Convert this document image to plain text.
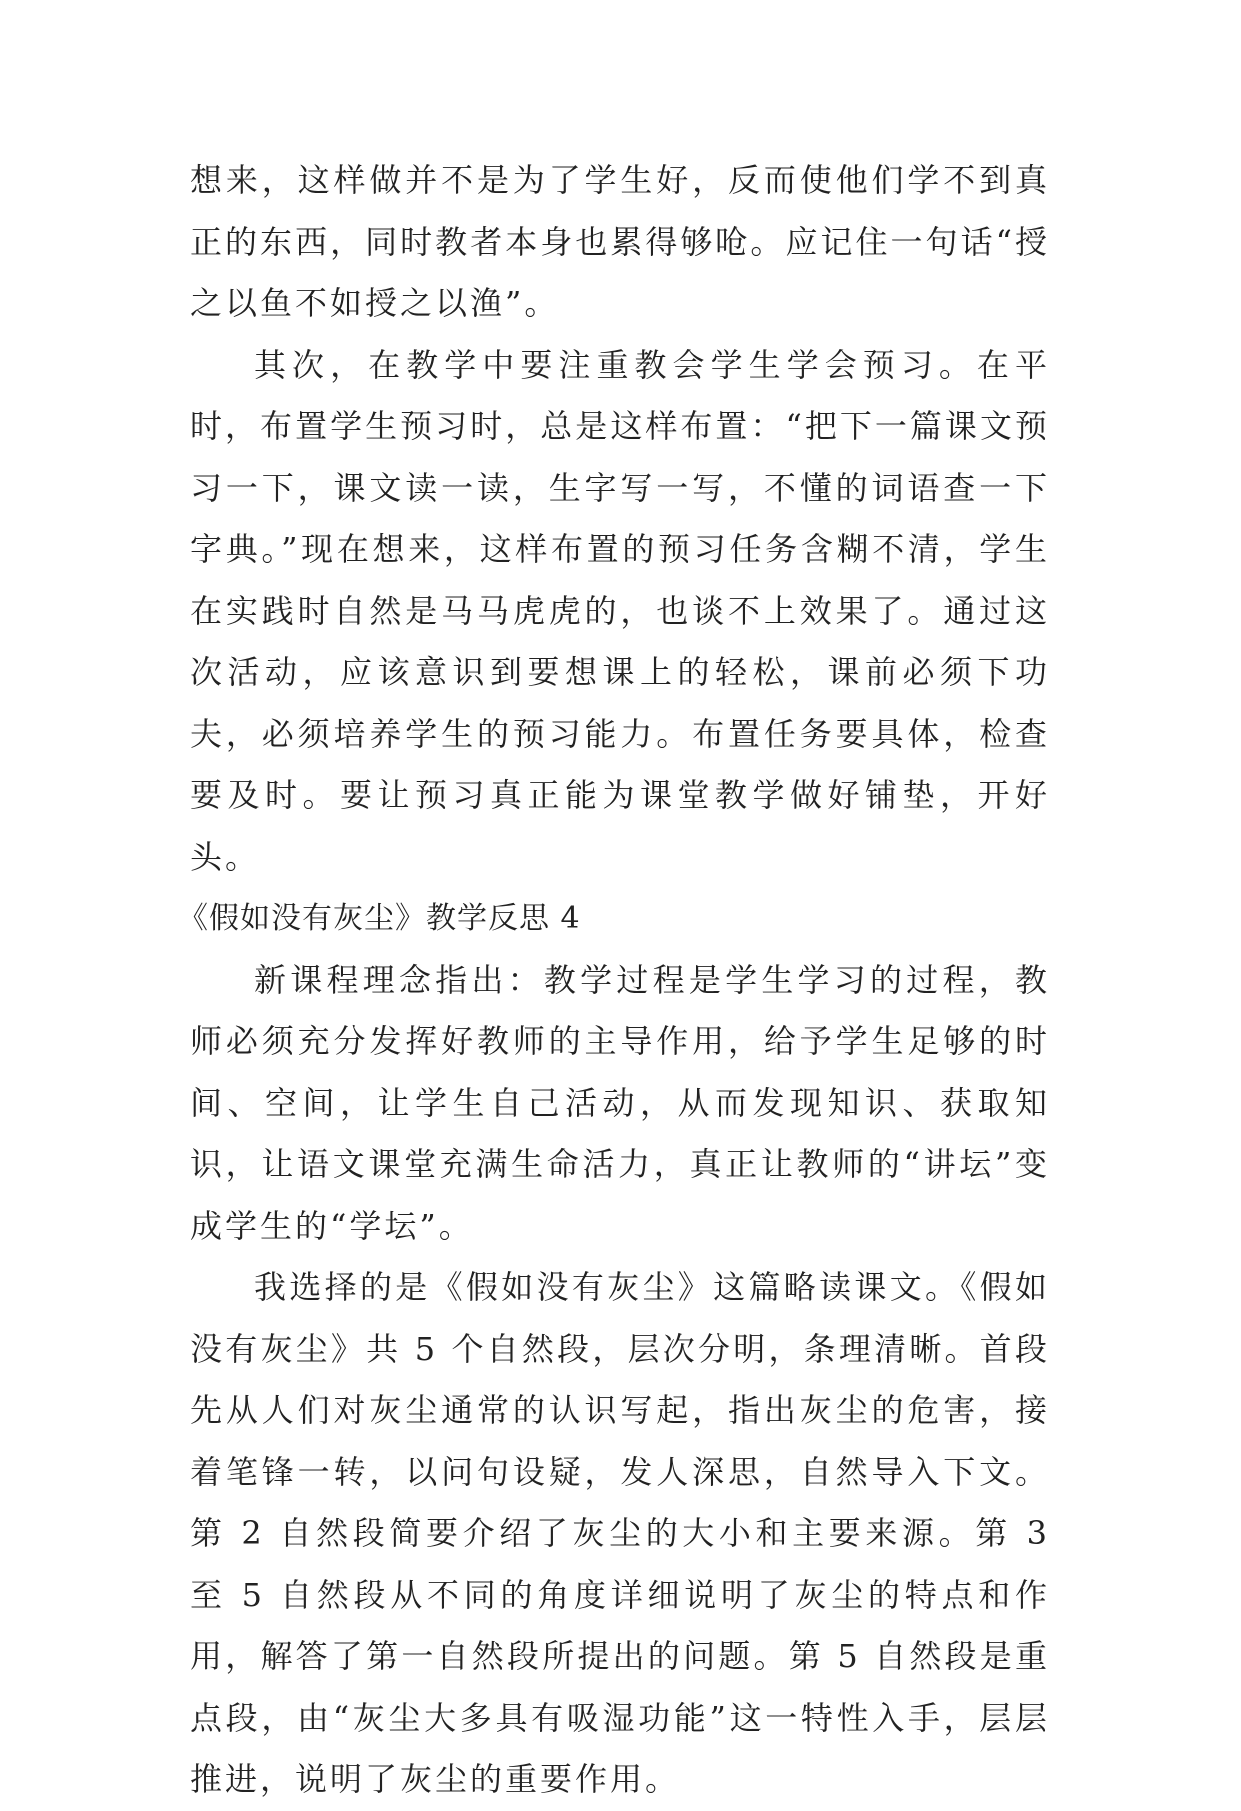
想来，这样做并不是为了学生好，反而使他们学不到真正的东西，同时教者本身也累得够呛。应记住一句话“授之以鱼不如授之以渔”。

其次，在教学中要注重教会学生学会预习。在平时，布置学生预习时，总是这样布置：“把下一篇课文预习一下，课文读一读，生字写一写，不懂的词语查一下字典。”现在想来，这样布置的预习任务含糊不清，学生在实践时自然是马马虎虎的，也谈不上效果了。通过这次活动，应该意识到要想课上的轻松，课前必须下功夫，必须培养学生的预习能力。布置任务要具体，检查要及时。要让预习真正能为课堂教学做好铺垫，开好头。

《假如没有灰尘》教学反思 4

新课程理念指出：教学过程是学生学习的过程，教师必须充分发挥好教师的主导作用，给予学生足够的时间、空间，让学生自己活动，从而发现知识、获取知识，让语文课堂充满生命活力，真正让教师的“讲坛”变成学生的“学坛”。

我选择的是《假如没有灰尘》这篇略读课文。《假如没有灰尘》共 5 个自然段，层次分明，条理清晰。首段先从人们对灰尘通常的认识写起，指出灰尘的危害，接着笔锋一转，以问句设疑，发人深思，自然导入下文。第 2 自然段简要介绍了灰尘的大小和主要来源。第 3 至 5 自然段从不同的角度详细说明了灰尘的特点和作用，解答了第一自然段所提出的问题。第 5 自然段是重点段，由“灰尘大多具有吸湿功能”这一特性入手，层层推进，说明了灰尘的重要作用。
